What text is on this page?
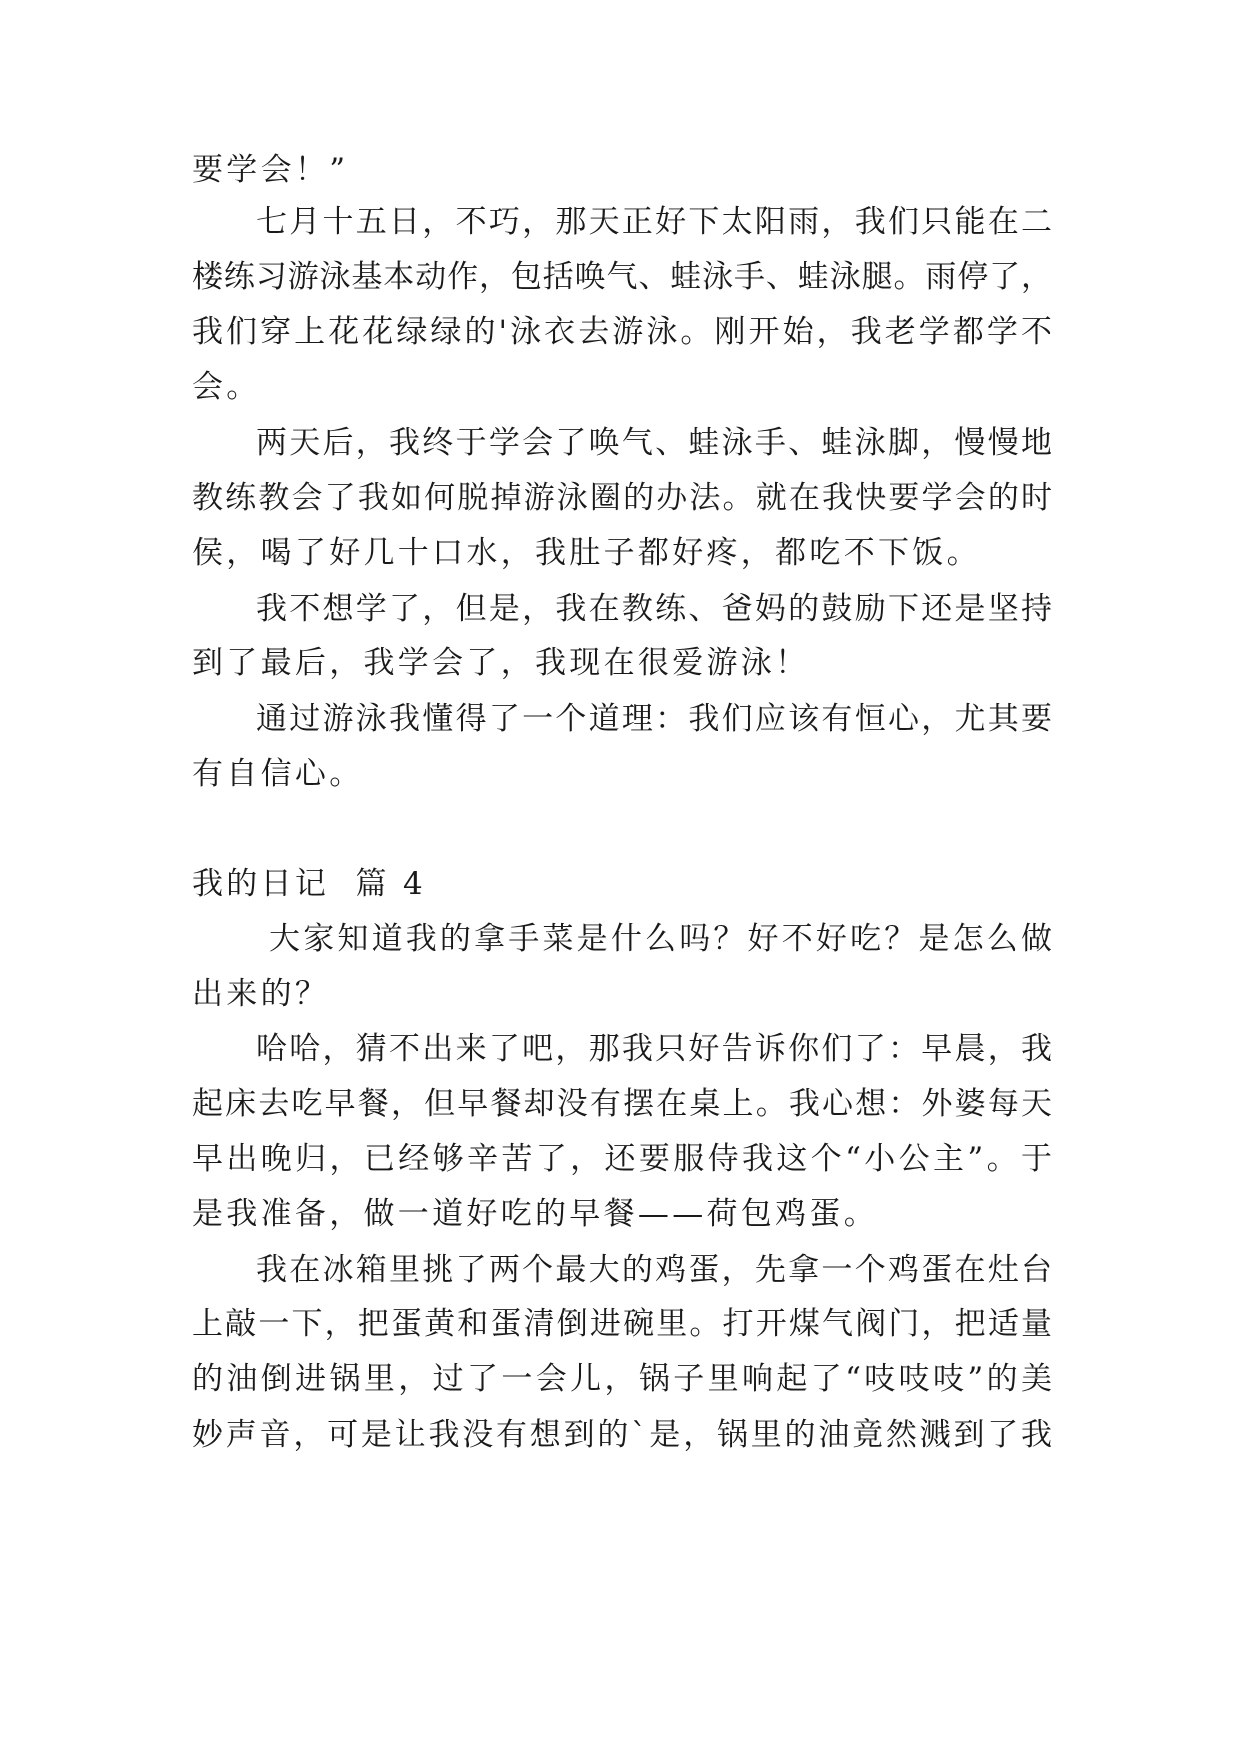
要学会！”
七月十五日，不巧，那天正好下太阳雨，我们只能在二
楼练习游泳基本动作，包括唤气、蛙泳手、蛙泳腿。雨停了，
我们穿上花花绿绿的'泳衣去游泳。刚开始，我老学都学不
会。
两天后，我终于学会了唤气、蛙泳手、蛙泳脚，慢慢地
教练教会了我如何脱掉游泳圈的办法。就在我快要学会的时
侯，喝了好几十口水，我肚子都好疼，都吃不下饭。
我不想学了，但是，我在教练、爸妈的鼓励下还是坚持
到了最后，我学会了，我现在很爱游泳！
通过游泳我懂得了一个道理：我们应该有恒心，尤其要
有自信心。
我的日记  篇 4
大家知道我的拿手菜是什么吗？好不好吃？是怎么做
出来的？
哈哈，猜不出来了吧，那我只好告诉你们了：早晨，我
起床去吃早餐，但早餐却没有摆在桌上。我心想：外婆每天
早出晚归，已经够辛苦了，还要服侍我这个“小公主”。于
是我准备，做一道好吃的早餐——荷包鸡蛋。
我在冰箱里挑了两个最大的鸡蛋，先拿一个鸡蛋在灶台
上敲一下，把蛋黄和蛋清倒进碗里。打开煤气阀门，把适量
的油倒进锅里，过了一会儿，锅子里响起了“吱吱吱”的美
妙声音，可是让我没有想到的`是，锅里的油竟然溅到了我
